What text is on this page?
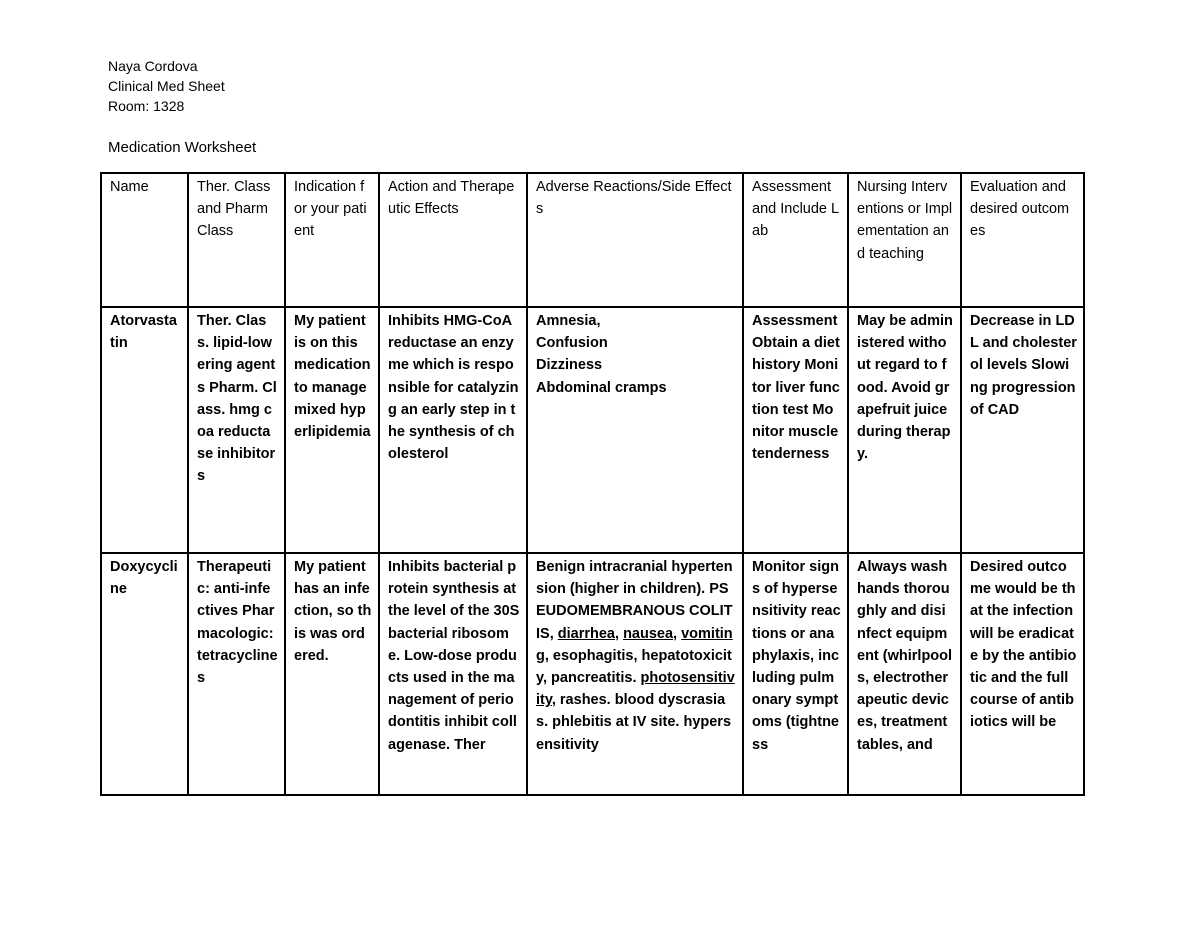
Naya Cordova
Clinical Med Sheet
Room: 1328
Medication Worksheet
Name	Ther. Class and Pharm Class	Indication for your patient	Action and Therapeutic Effects	Adverse Reactions/Side Effects	Assessment and Include Lab	Nursing Interventions or Implementation and teaching	Evaluation and desired outcomes
Atorvastatin	Ther. Class. lipid-lowering agents Pharm. Class. hmg coa reductase inhibitors	My patient is on this medication to manage mixed hyperlipidemia	Inhibits HMG-CoA reductase an enzyme which is responsible for catalyzing an early step in the synthesis of cholesterol	Amnesia,
Confusion
Dizziness
Abdominal cramps	Assessment Obtain a diet history Monitor liver function test Monitor muscle tenderness	May be administered without regard to food. Avoid grapefruit juice during therapy.	Decrease in LDL and cholesterol levels Slowing progression of CAD
Doxycycline	Therapeutic: anti-infectives Pharmacologic: tetracyclines	My patient has an infection, so this was ordered.	Inhibits bacterial protein synthesis at the level of the 30S bacterial ribosome. Low-dose products used in the management of periodontitis inhibit collagenase. Ther	Benign intracranial hypertension (higher in children). PSEUDOMEMBRANOUS COLITIS, diarrhea, nausea, vomiting, esophagitis, hepatotoxicity, pancreatitis. photosensitivity, rashes. blood dyscrasias. phlebitis at IV site. hypersensitivity	Monitor signs of hypersensitivity reactions or anaphylaxis, including pulmonary symptoms (tightness	Always wash hands thoroughly and disinfect equipment (whirlpools, electrotherapeutic devices, treatment tables, and	Desired outcome would be that the infection will be eradicate by the antibiotic and the full course of antibiotics will be
